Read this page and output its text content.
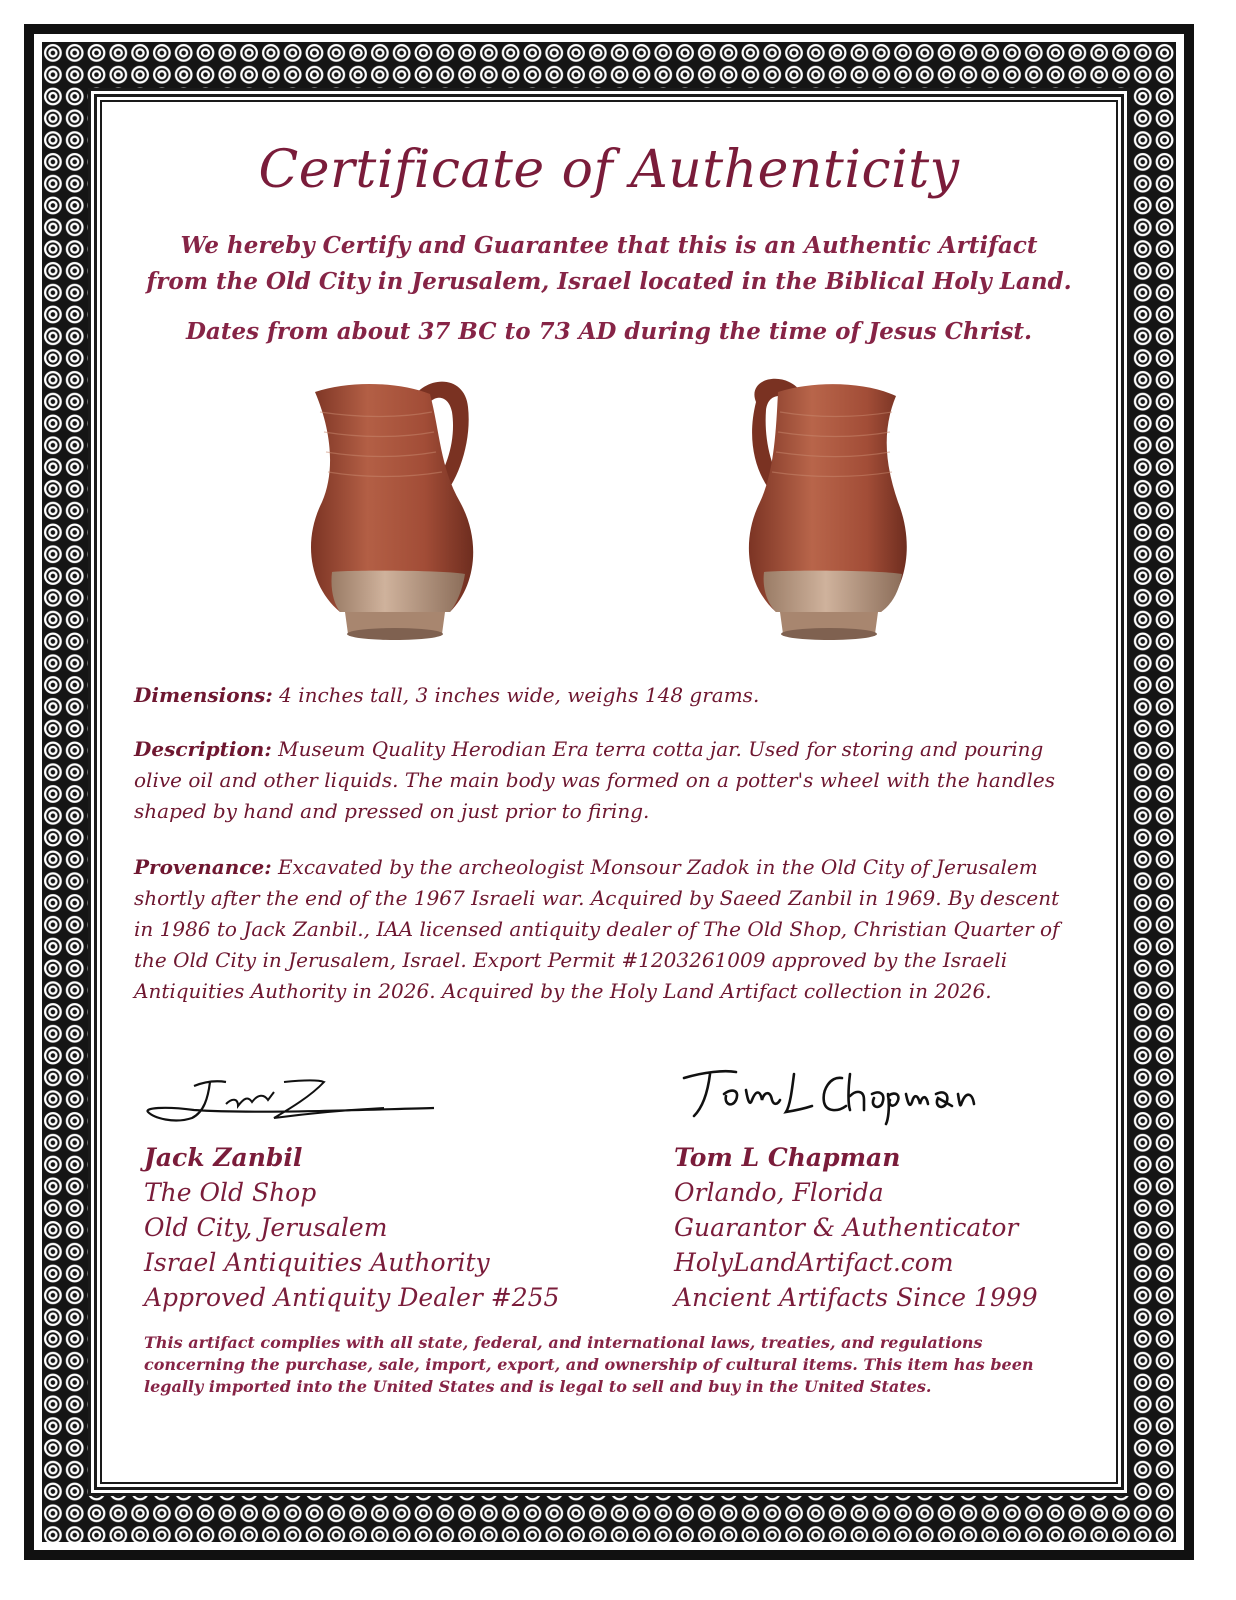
Certificate of Authenticity
We hereby Certify and Guarantee that this is an Authentic Artifact
from the Old City in Jerusalem, Israel located in the Biblical Holy Land.
Dates from about 37 BC to 73 AD during the time of Jesus Christ.
Dimensions: 4 inches tall, 3 inches wide, weighs 148 grams.
Description: Museum Quality Herodian Era terra cotta jar. Used for storing and pouring olive oil and other liquids. The main body was formed on a potter's wheel with the handles shaped by hand and pressed on just prior to firing.
Provenance: Excavated by the archeologist Monsour Zadok in the Old City of Jerusalem shortly after the end of the 1967 Israeli war. Acquired by Saeed Zanbil in 1969. By descent in 1986 to Jack Zanbil., IAA licensed antiquity dealer of The Old Shop, Christian Quarter of the Old City in Jerusalem, Israel. Export Permit #1203261009 approved by the Israeli Antiquities Authority in 2026. Acquired by the Holy Land Artifact collection in 2026.
Jack Zanbil
The Old Shop
Old City, Jerusalem
Israel Antiquities Authority
Approved Antiquity Dealer #255
Tom L Chapman
Orlando, Florida
Guarantor & Authenticator
HolyLandArtifact.com
Ancient Artifacts Since 1999
This artifact complies with all state, federal, and international laws, treaties, and regulations concerning the purchase, sale, import, export, and ownership of cultural items. This item has been legally imported into the United States and is legal to sell and buy in the United States.
